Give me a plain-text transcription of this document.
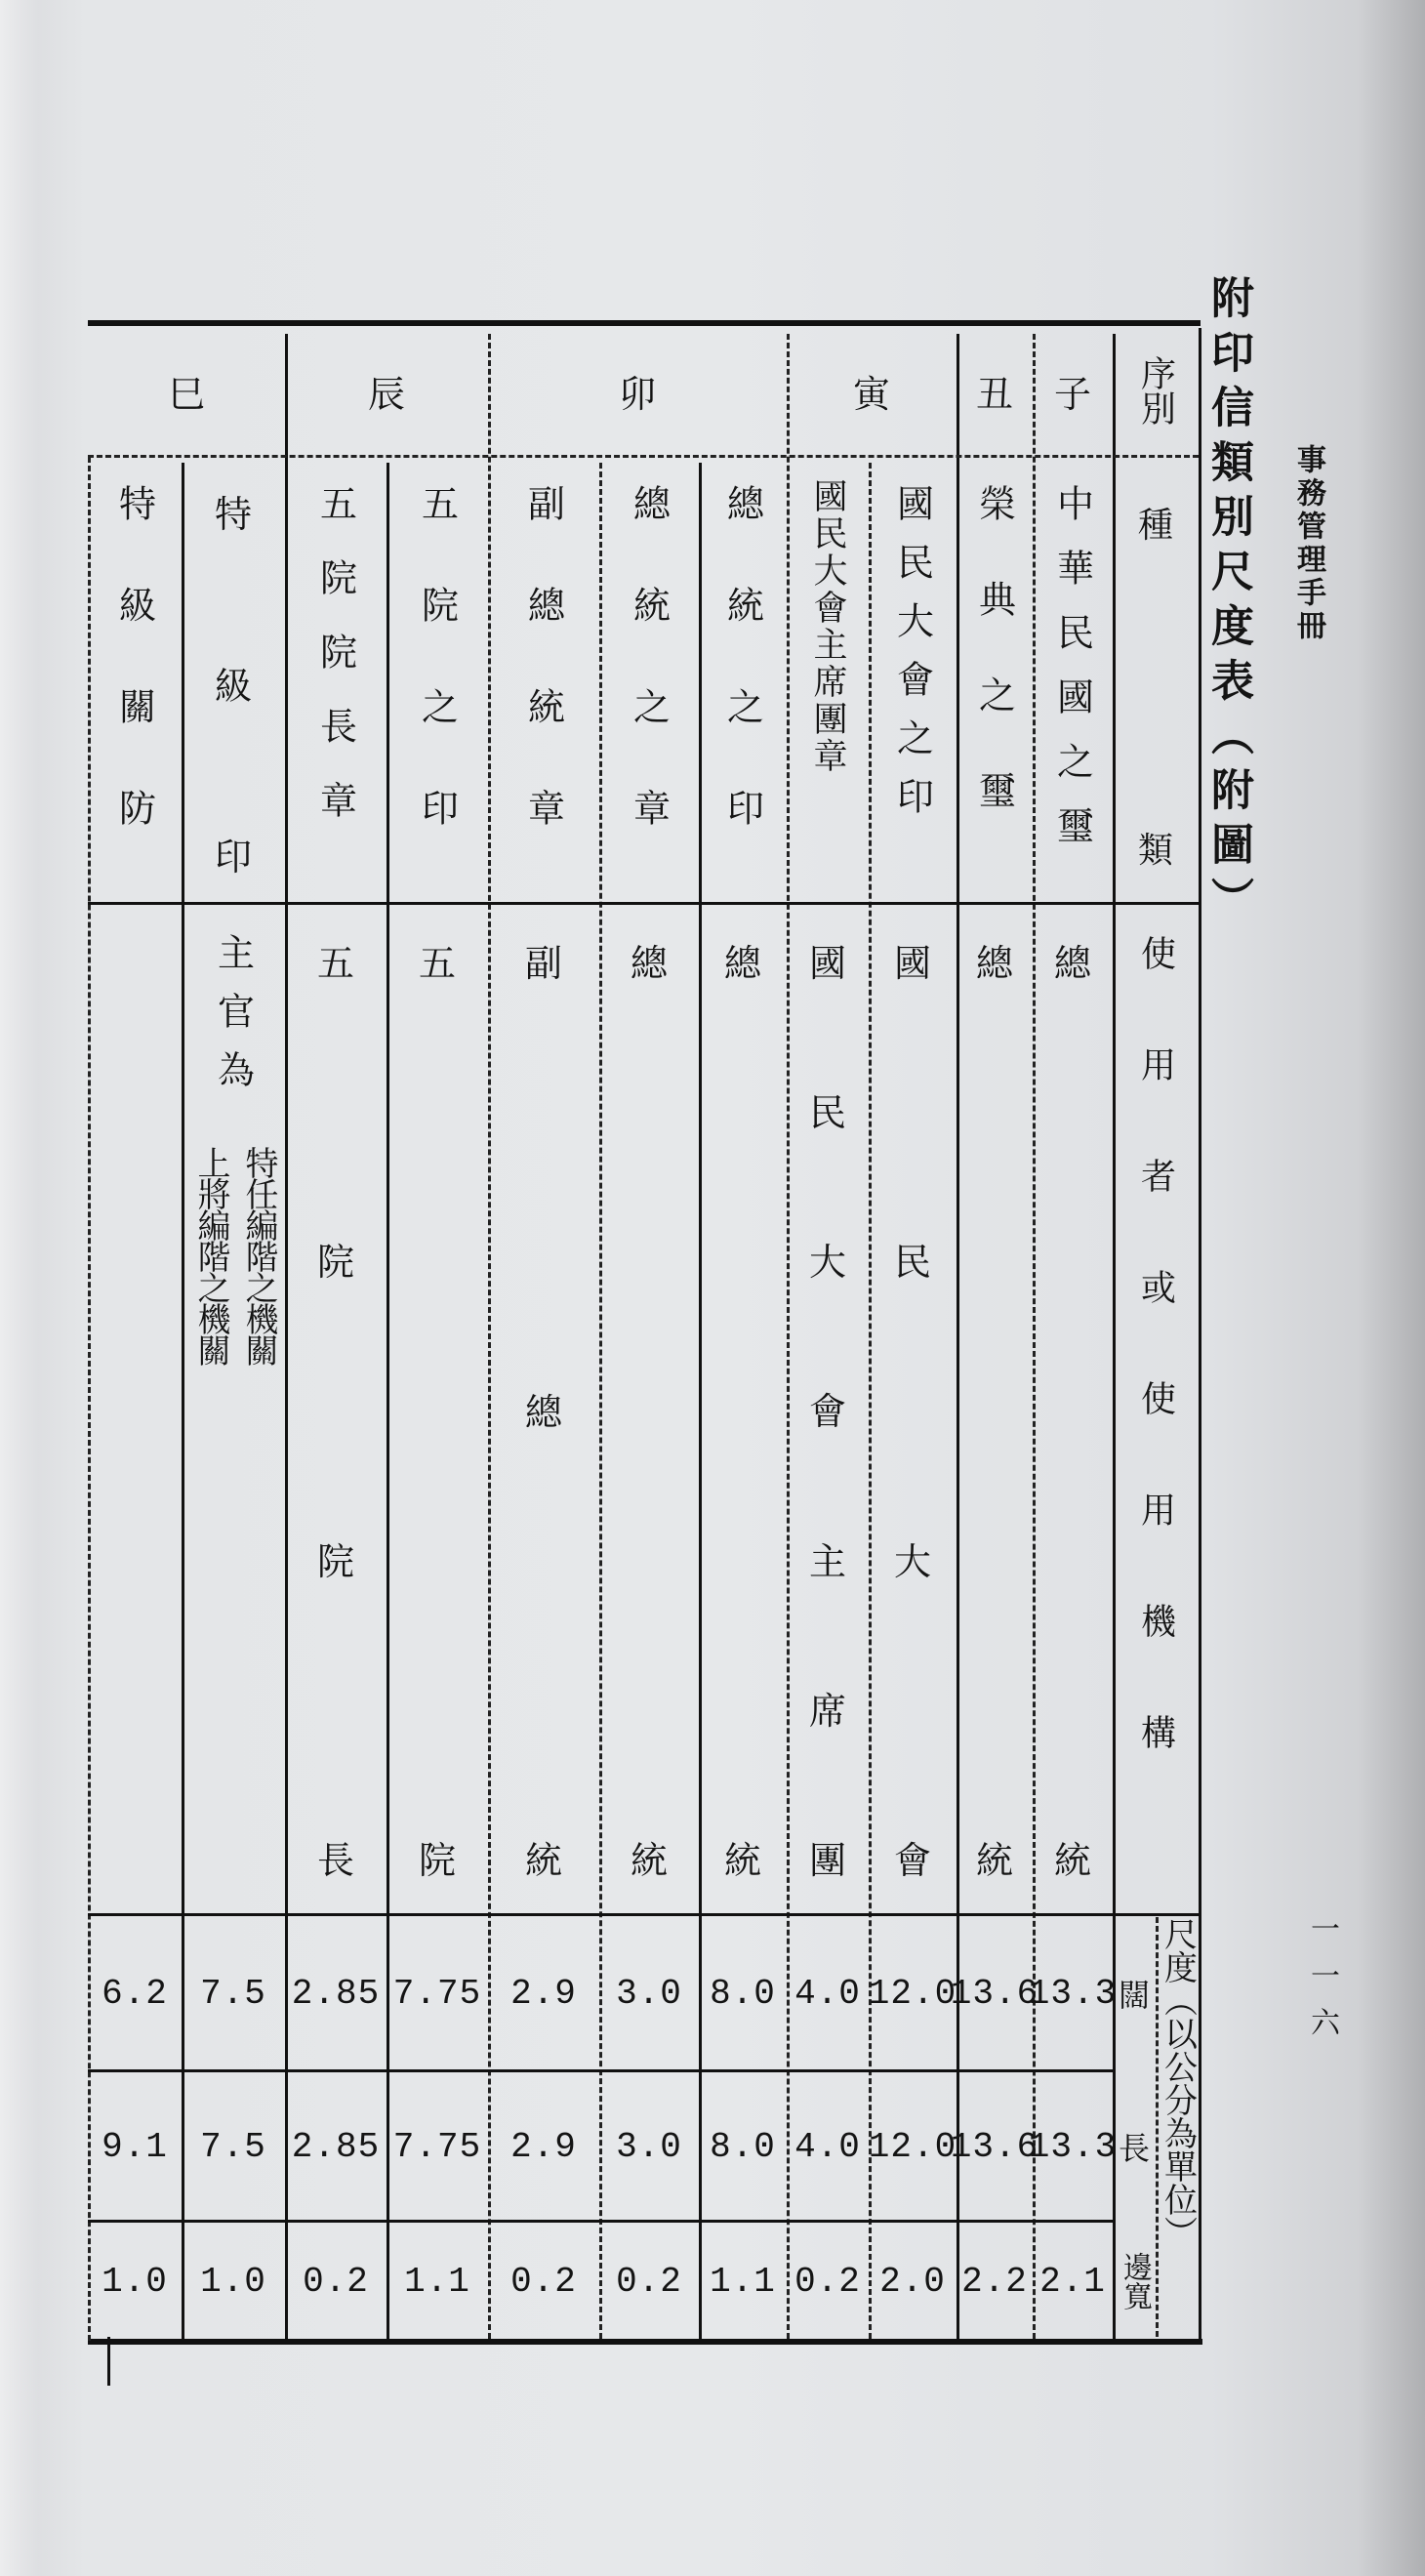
附印信類別尺度表（附圖） 事務管理手冊
一一六
序別
種
類
使用者或使用機構
尺度（以公分為單位）
闊
長
邊寬
子
丑
寅
卯
辰
巳
中華民國之璽
榮典之璽
國民大會之印
國民大會主席團章
總統之印
總統之章
副總統章
五院之印
五院院長章
特
級
印
特級關防
總
統
總
統
國
民
大
會
國
民
大
會
主
席
團
總
統
總
統
副
總
統
五
院
五
院
院
長
主官為
特任編階之機關
上將編階之機關
13.3
13.6
12.0
4.0
8.0
3.0
2.9
7.75
2.85
7.5
6.2
13.3
13.6
12.0
4.0
8.0
3.0
2.9
7.75
2.85
7.5
9.1
2.1
2.2
2.0
0.2
1.1
0.2
0.2
1.1
0.2
1.0
1.0
